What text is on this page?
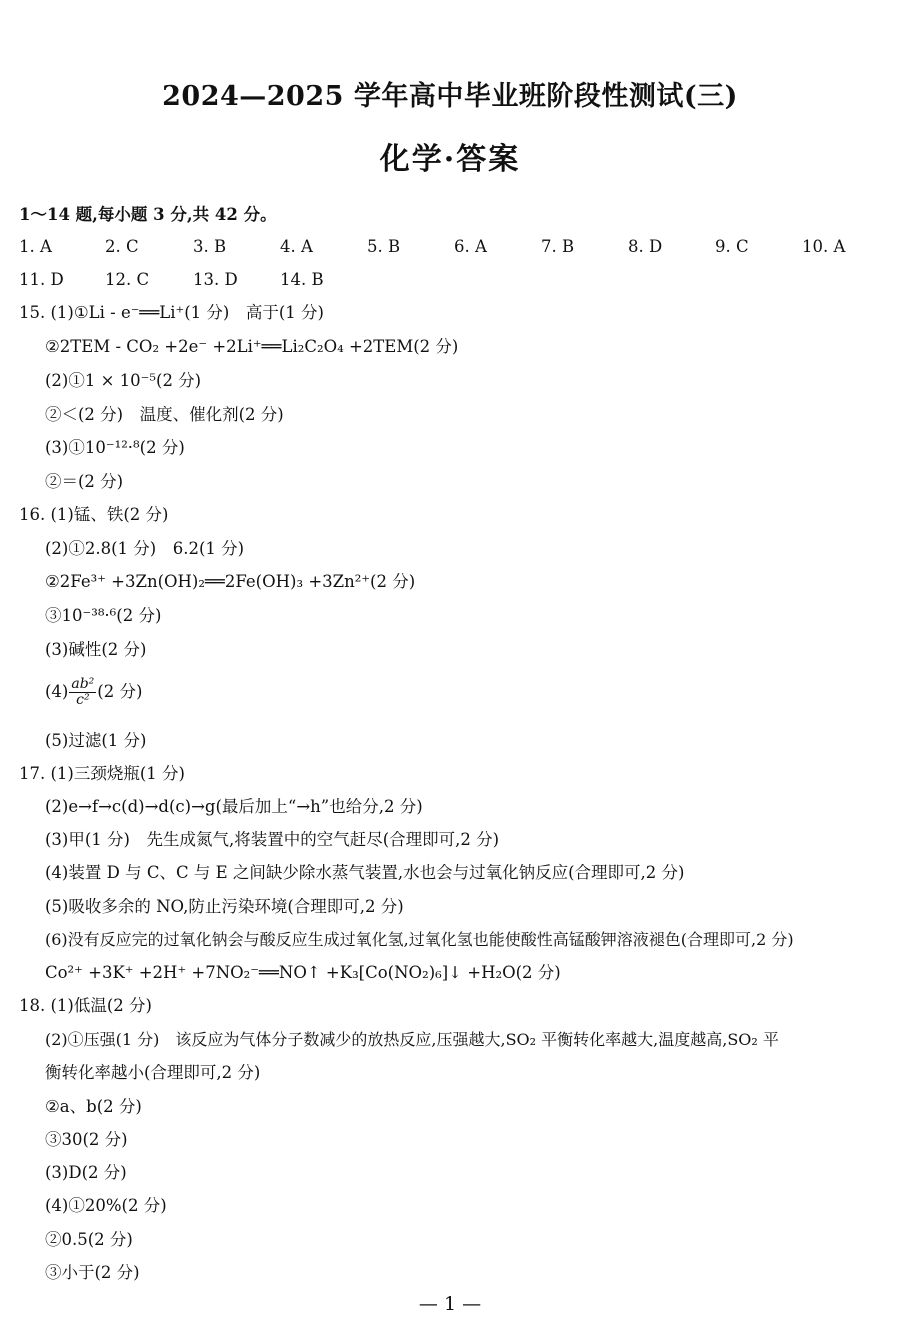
2024—2025 学年高中毕业班阶段性测试(三)
化学·答案
1～14 题,每小题 3 分,共 42 分。
1. A	2. C	3. B	4. A	5. B	6. A	7. B	8. D	9. C	10. A
11. D	12. C	13. D	14. B
15. (1)①Li - e⁻══Li⁺(1 分)　高于(1 分)
②2TEM - CO₂ +2e⁻ +2Li⁺══Li₂C₂O₄ +2TEM(2 分)
(2)①1 × 10⁻⁵(2 分)
②＜(2 分)　温度、催化剂(2 分)
(3)①10⁻¹²·⁸(2 分)
②＝(2 分)
16. (1)锰、铁(2 分)
(2)①2.8(1 分)　6.2(1 分)
②2Fe³⁺ +3Zn(OH)₂══2Fe(OH)₃ +3Zn²⁺(2 分)
③10⁻³⁸·⁶(2 分)
(3)碱性(2 分)
$(4) \frac{\text{ab²}}{\text{c²}} (2$ 分)
(5)过滤(1 分)
17. (1)三颈烧瓶(1 分)
(2)e→f→c(d)→d(c)→g(最后加上“→h”也给分,2 分)
(3)甲(1 分)　先生成氮气,将装置中的空气赶尽(合理即可,2 分)
(4)装置 D 与 C、C 与 E 之间缺少除水蒸气装置,水也会与过氧化钠反应(合理即可,2 分)
(5)吸收多余的 NO,防止污染环境(合理即可,2 分)
(6)没有反应完的过氧化钠会与酸反应生成过氧化氢,过氧化氢也能使酸性高锰酸钾溶液褪色(合理即可,2 分)
Co²⁺ +3K⁺ +2H⁺ +7NO₂⁻══NO↑ +K₃[Co(NO₂)₆]↓ +H₂O(2 分)
18. (1)低温(2 分)
(2)①压强(1 分)　该反应为气体分子数减少的放热反应,压强越大,SO₂ 平衡转化率越大,温度越高,SO₂ 平
衡转化率越小(合理即可,2 分)
②a、b(2 分)
③30(2 分)
(3)D(2 分)
(4)①20%(2 分)
②0.5(2 分)
③小于(2 分)
— 1 —
